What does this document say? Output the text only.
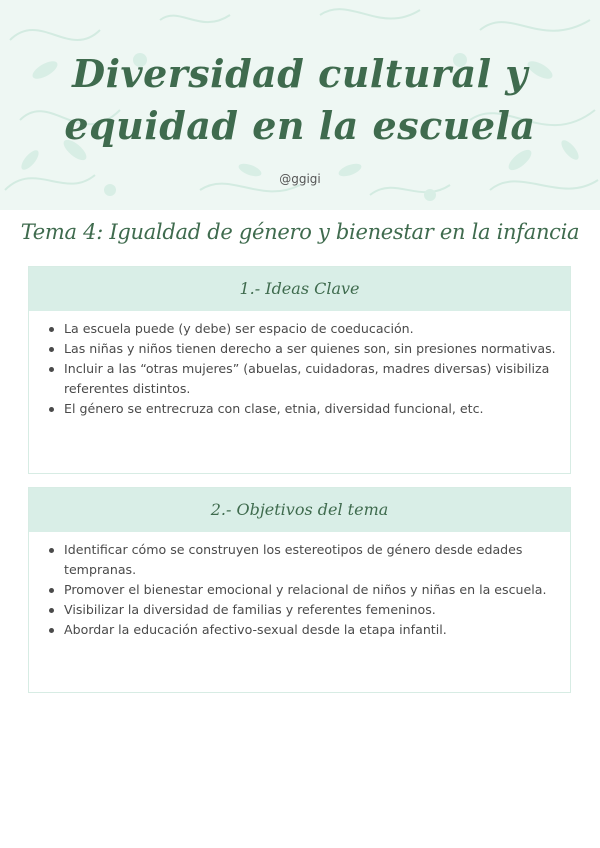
Diversidad cultural y
equidad en la escuela
@ggigi
Tema 4: Igualdad de género y bienestar en la infancia
1.- Ideas Clave
La escuela puede (y debe) ser espacio de coeducación.
Las niñas y niños tienen derecho a ser quienes son, sin presiones normativas.
Incluir a las “otras mujeres” (abuelas, cuidadoras, madres diversas) visibiliza referentes distintos.
El género se entrecruza con clase, etnia, diversidad funcional, etc.
2.- Objetivos del tema
Identificar cómo se construyen los estereotipos de género desde edades tempranas.
Promover el bienestar emocional y relacional de niños y niñas en la escuela.
Visibilizar la diversidad de familias y referentes femeninos.
Abordar la educación afectivo-sexual desde la etapa infantil.
